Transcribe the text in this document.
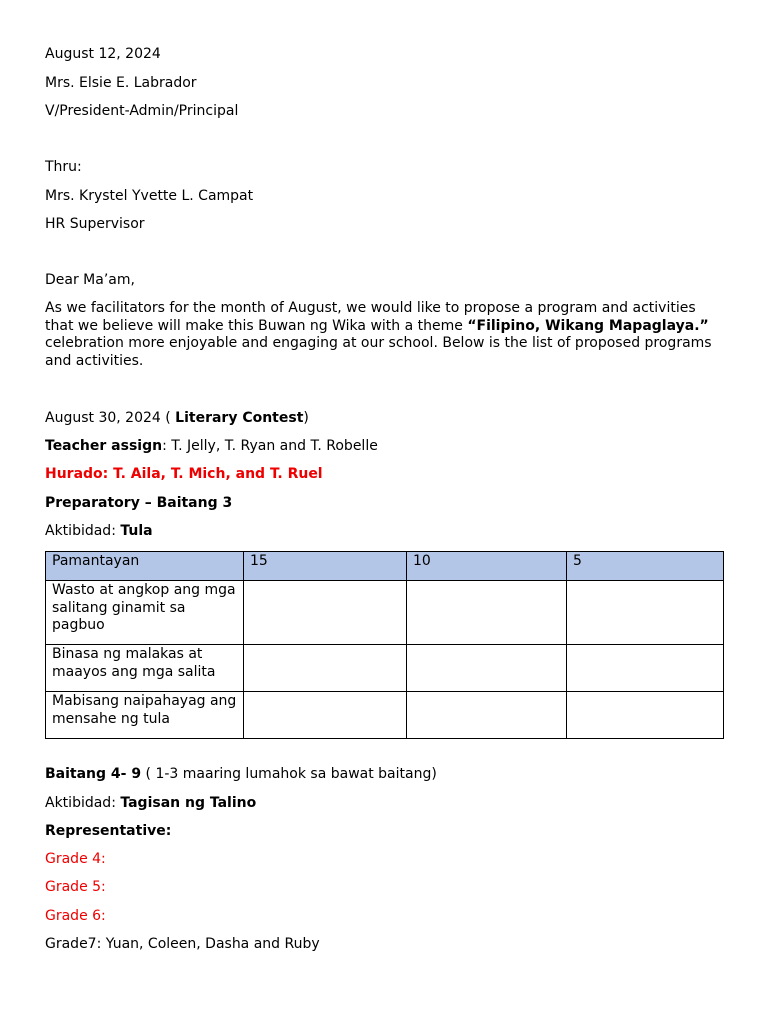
August 12, 2024
Mrs. Elsie E. Labrador
V/President-Admin/Principal
Thru:
Mrs. Krystel Yvette L. Campat
HR Supervisor
Dear Ma’am,
As we facilitators for the month of August, we would like to propose a program and activities that we believe will make this Buwan ng Wika with a theme “Filipino, Wikang Mapaglaya.” celebration more enjoyable and engaging at our school. Below is the list of proposed programs and activities.
August 30, 2024 ( Literary Contest)
Teacher assign: T. Jelly, T. Ryan and T. Robelle
Hurado: T. Aila, T. Mich, and T. Ruel
Preparatory – Baitang 3
Aktibidad: Tula
Pamantayan	15	10	5
Wasto at angkop ang mga salitang ginamit sa pagbuo			
Binasa ng malakas at maayos ang mga salita			
Mabisang naipahayag ang mensahe ng tula			
Baitang 4- 9 ( 1-3 maaring lumahok sa bawat baitang)
Aktibidad: Tagisan ng Talino
Representative:
Grade 4:
Grade 5:
Grade 6:
Grade7: Yuan, Coleen, Dasha and Ruby
